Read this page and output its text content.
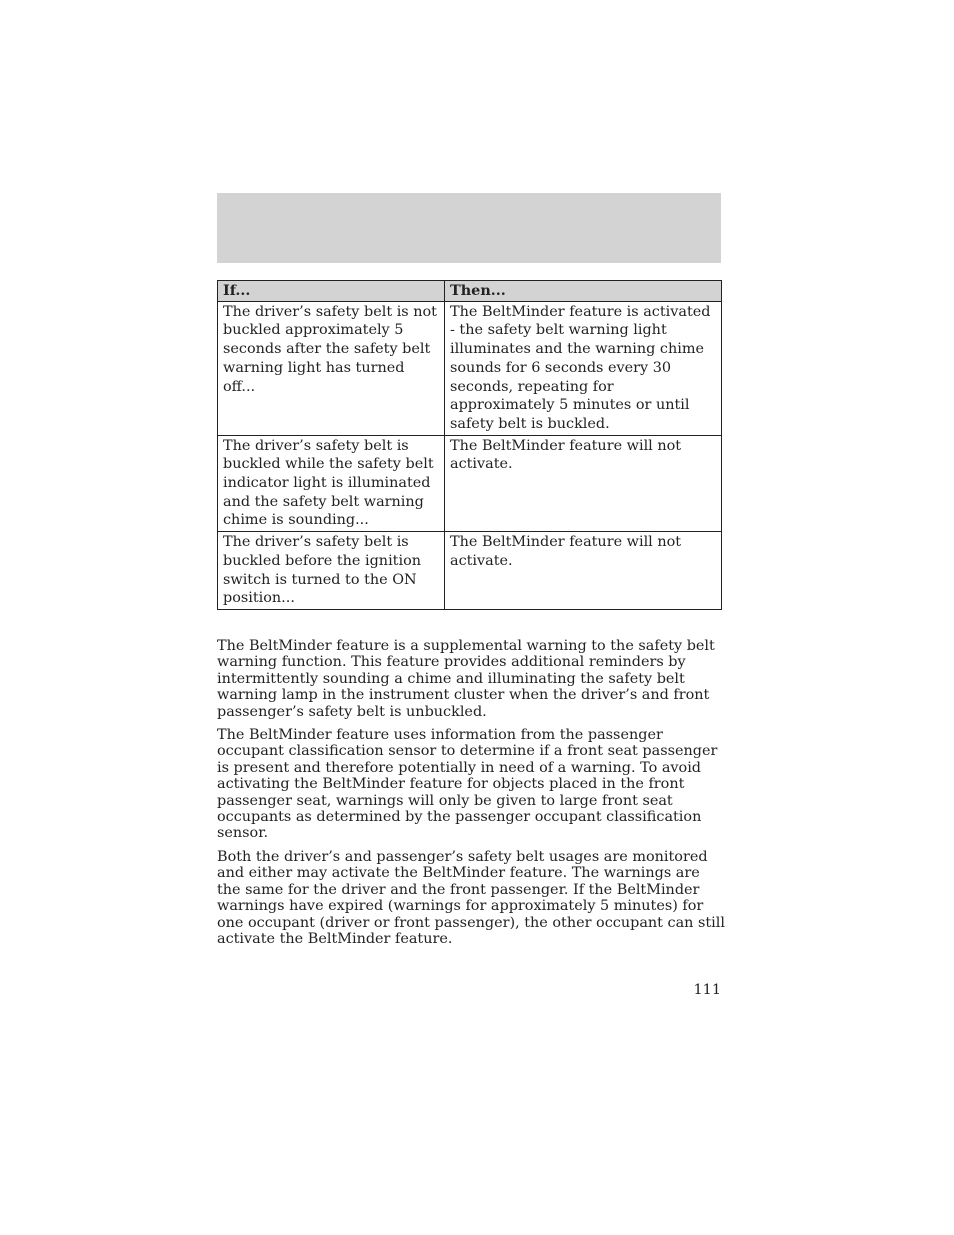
If...	Then...
The driver’s safety belt is not buckled approximately 5 seconds after the safety belt warning light has turned off...	The BeltMinder feature is activated - the safety belt warning light illuminates and the warning chime sounds for 6 seconds every 30 seconds, repeating for approximately 5 minutes or until safety belt is buckled.
The driver’s safety belt is buckled while the safety belt indicator light is illuminated and the safety belt warning chime is sounding...	The BeltMinder feature will not activate.
The driver’s safety belt is buckled before the ignition switch is turned to the ON position...	The BeltMinder feature will not activate.

The BeltMinder feature is a supplemental warning to the safety belt warning function. This feature provides additional reminders by intermittently sounding a chime and illuminating the safety belt warning lamp in the instrument cluster when the driver’s and front passenger’s safety belt is unbuckled.

The BeltMinder feature uses information from the passenger occupant classification sensor to determine if a front seat passenger is present and therefore potentially in need of a warning. To avoid activating the BeltMinder feature for objects placed in the front passenger seat, warnings will only be given to large front seat occupants as determined by the passenger occupant classification sensor.

Both the driver’s and passenger’s safety belt usages are monitored and either may activate the BeltMinder feature. The warnings are the same for the driver and the front passenger. If the BeltMinder warnings have expired (warnings for approximately 5 minutes) for one occupant (driver or front passenger), the other occupant can still activate the BeltMinder feature.

111
